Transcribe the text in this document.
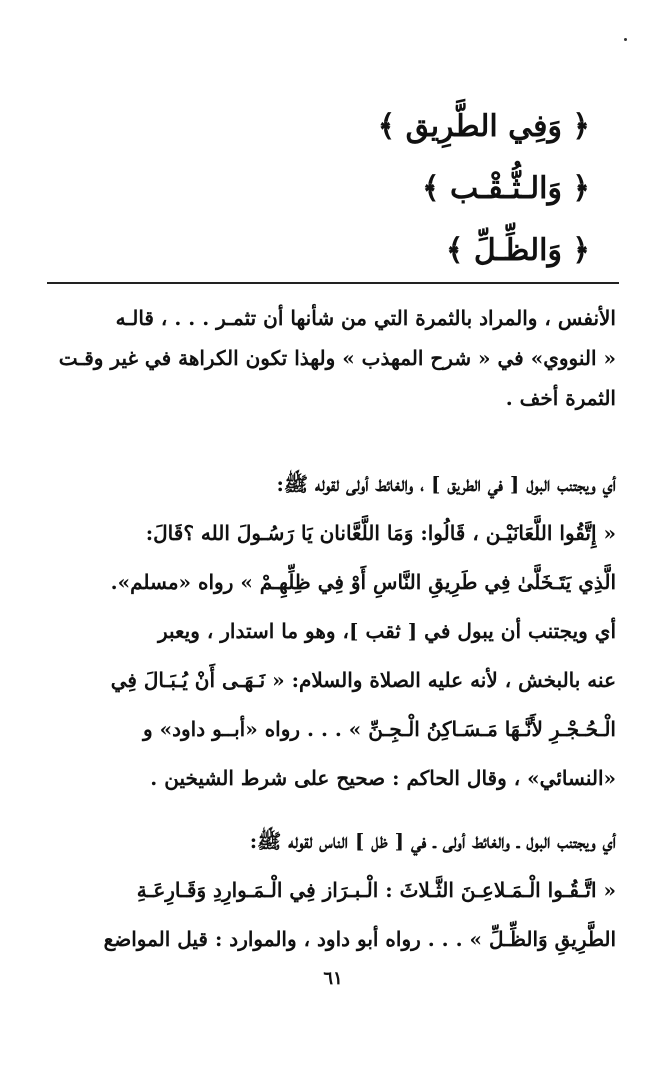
﴿ وَفِي الطَّرِيق ﴾
﴿ وَالـثُّـقْـب ﴾
﴿ وَالظِّـلِّ ﴾

الأنفس ، والمراد بالثمرة التي من شأنها أن تثمـر . . . ، قالـه

« النووي» في « شرح المهذب » ولهذا تكون الكراهة في غير وقـت

الثمرة أخف .

أي ويجتنب البول [ في الطريق ] ، والغائط أولى لقوله ﷺ:

« إِتَّقُوا اللَّعَانَيْـن ، قَالُوا: وَمَا اللَّعَّانان يَا رَسُـولَ الله ؟قَالَ:

الَّذِي يَتَـخَلَّىٰ فِي طَرِيقِ النَّاسِ أَوْ فِي ظِلِّهِـمْ » رواه «مسلم».

أي ويجتنب أن يبول في [ ثقب ]، وهو ما استدار ، ويعبر

عنه بالبخش ، لأنه عليه الصلاة والسلام: « نَـهَـى أَنْ يُـبَـالَ فِي

الْـحُـجْـرِ لأَنَّـهَا مَـسَـاكِنُ الْـجِـنِّ » . . . رواه «أبــو داود» و

«النسائي» ، وقال الحاكم : صحيح على شرط الشيخين .

أي ويجتنب البول ـ والغائط أولى ـ في [ ظل ] الناس لقوله ﷺ:

« اتَّـقُـوا الْـمَـلاعِـنَ الثَّـلاثَ : الْـبـرَاز فِي الْـمَـوارِدِ وَقَـارِعَـةِ

الطَّرِيقِ وَالظِّـلِّ » . . . رواه أبو داود ، والموارد : قيل المواضع

٦١
